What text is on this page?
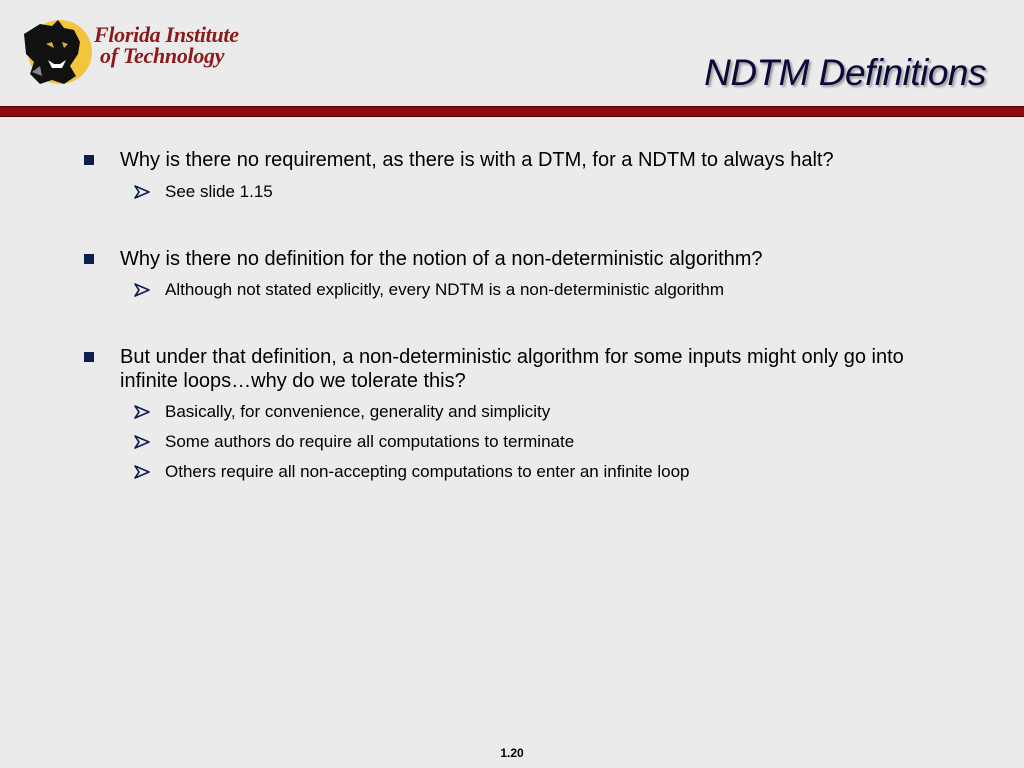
Florida Institute
of Technology	NDTM Definitions
Why is there no requirement, as there is with a DTM, for a NDTM to always halt?
See slide 1.15
Why is there no definition for the notion of a non-deterministic algorithm?
Although not stated explicitly, every NDTM is a non-deterministic algorithm
But under that definition, a non-deterministic algorithm for some inputs might only go into infinite loops…why do we tolerate this?
Basically, for convenience, generality and simplicity
Some authors do require all computations to terminate
Others require all non-accepting computations to enter an infinite loop
1.20
